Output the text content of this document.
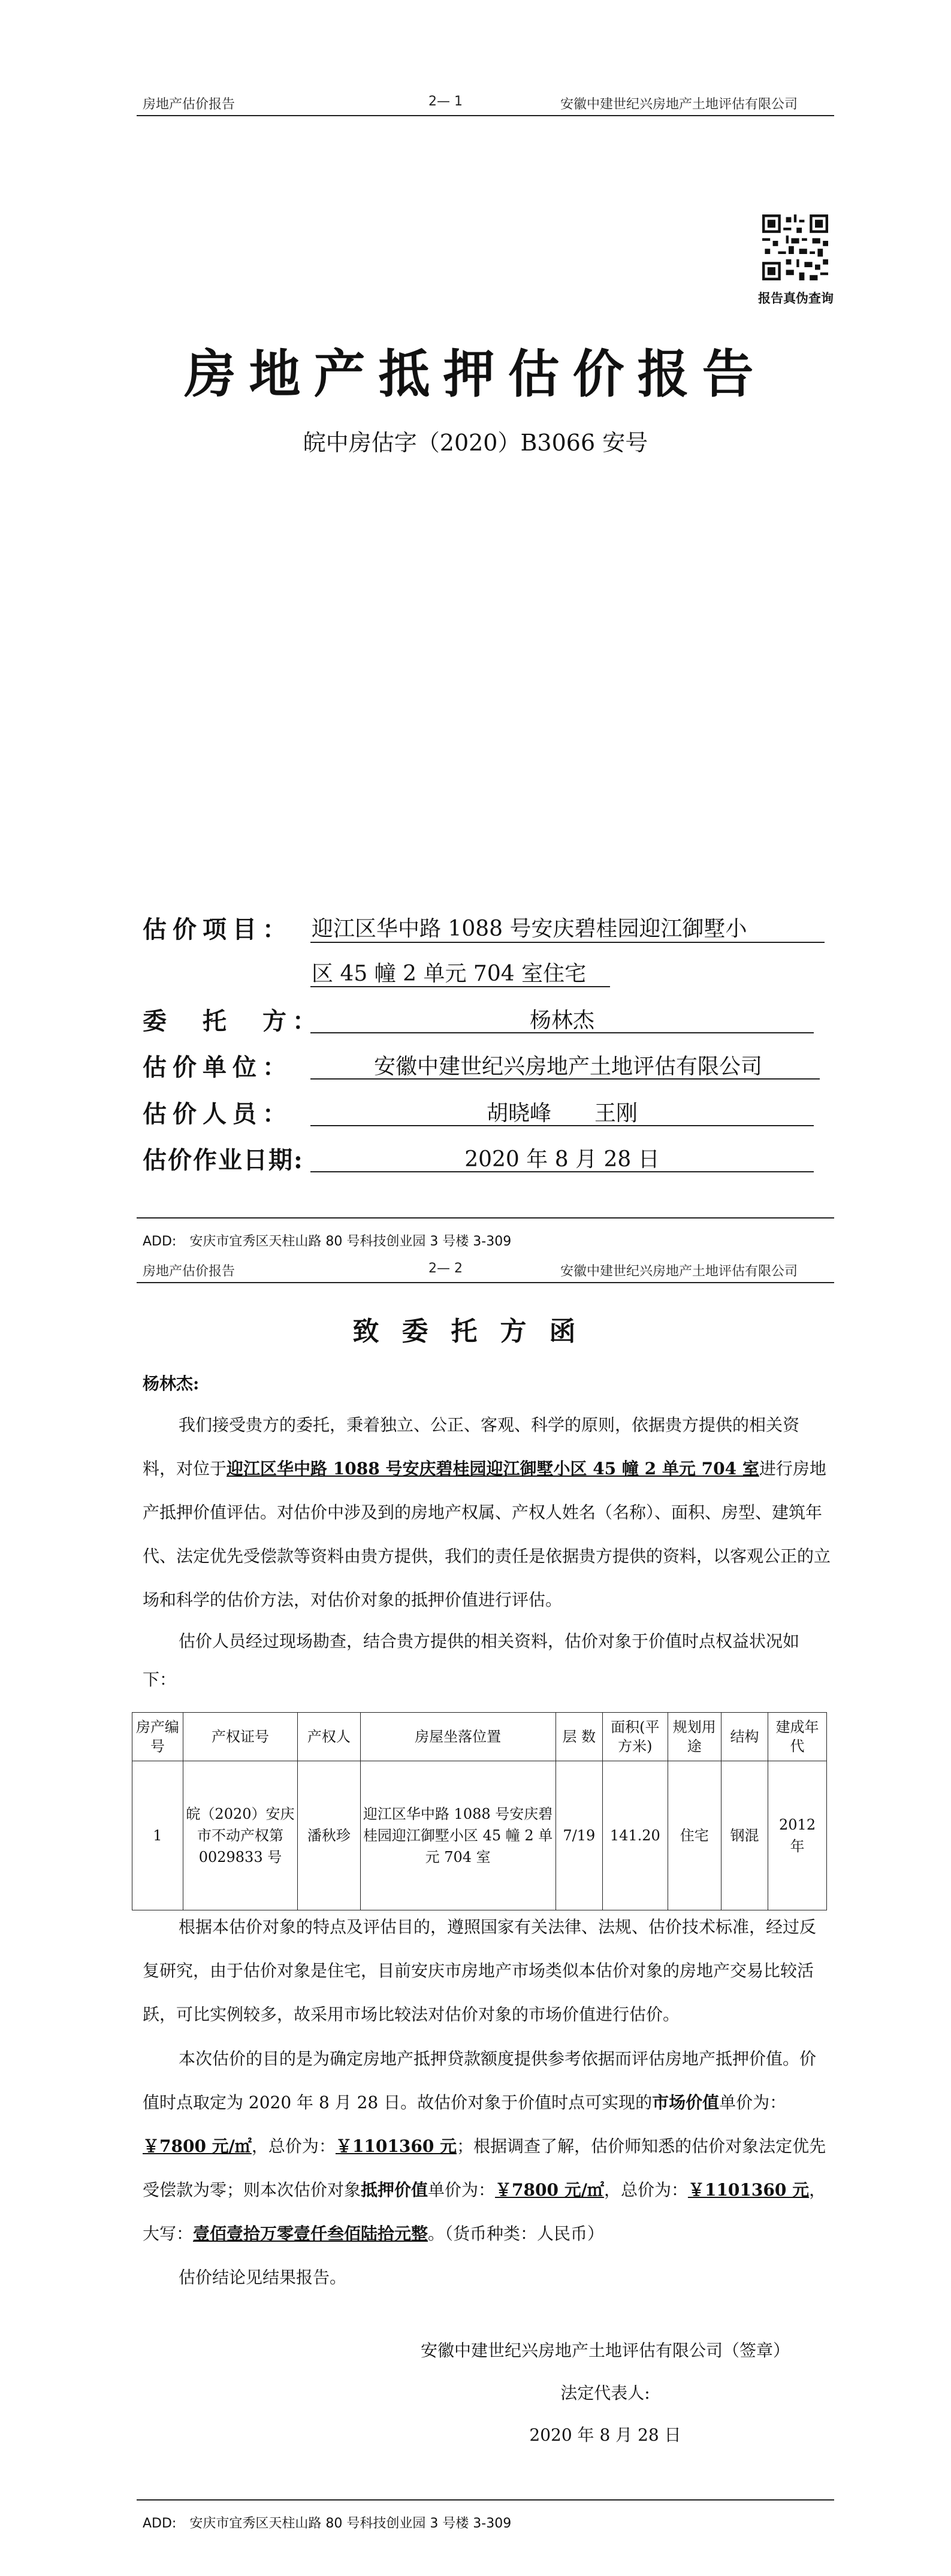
房地产估价报告	2— 1	安徽中建世纪兴房地产土地评估有限公司
报告真伪查询
房地产抵押估价报告
皖中房估字（2020）B3066 安号
估价项目： 迎江区华中路 1088 号安庆碧桂园迎江御墅小
区 45 幢 2 单元 704 室住宅
委　托　方：	杨林杰
估价单位：	安徽中建世纪兴房地产土地评估有限公司
估价人员：	胡晓峰　　王刚
估价作业日期:	2020 年 8 月 28 日
ADD:　安庆市宜秀区天柱山路 80 号科技创业园 3 号楼 3-309
房地产估价报告	2— 2	安徽中建世纪兴房地产土地评估有限公司
致委托方函
杨林杰:
我们接受贵方的委托，秉着独立、公正、客观、科学的原则，依据贵方提供的相关资料，对位于迎江区华中路 1088 号安庆碧桂园迎江御墅小区 45 幢 2 单元 704 室进行房地产抵押价值评估。对估价中涉及到的房地产权属、产权人姓名（名称）、面积、房型、建筑年代、法定优先受偿款等资料由贵方提供，我们的责任是依据贵方提供的资料，以客观公正的立场和科学的估价方法，对估价对象的抵押价值进行评估。
估价人员经过现场勘查，结合贵方提供的相关资料，估价对象于价值时点权益状况如下：
房产编号	产权证号	产权人	房屋坐落位置	层 数	面积(平方米)	规划用途	结构	建成年代
1	皖（2020）安庆市不动产权第 0029833 号	潘秋珍	迎江区华中路 1088 号安庆碧桂园迎江御墅小区 45 幢 2 单元 704 室	7/19	141.20	住宅	钢混	2012 年
根据本估价对象的特点及评估目的，遵照国家有关法律、法规、估价技术标准，经过反复研究，由于估价对象是住宅，目前安庆市房地产市场类似本估价对象的房地产交易比较活跃，可比实例较多，故采用市场比较法对估价对象的市场价值进行估价。
本次估价的目的是为确定房地产抵押贷款额度提供参考依据而评估房地产抵押价值。价值时点取定为 2020 年 8 月 28 日。故估价对象于价值时点可实现的市场价值单价为：￥7800 元/㎡，总价为：￥1101360 元；根据调查了解，估价师知悉的估价对象法定优先受偿款为零；则本次估价对象抵押价值单价为：￥7800 元/㎡，总价为：￥1101360 元，大写：壹佰壹拾万零壹仟叁佰陆拾元整。（货币种类：人民币）
估价结论见结果报告。
安徽中建世纪兴房地产土地评估有限公司（签章）
法定代表人:
2020 年 8 月 28 日
ADD:　安庆市宜秀区天柱山路 80 号科技创业园 3 号楼 3-309
